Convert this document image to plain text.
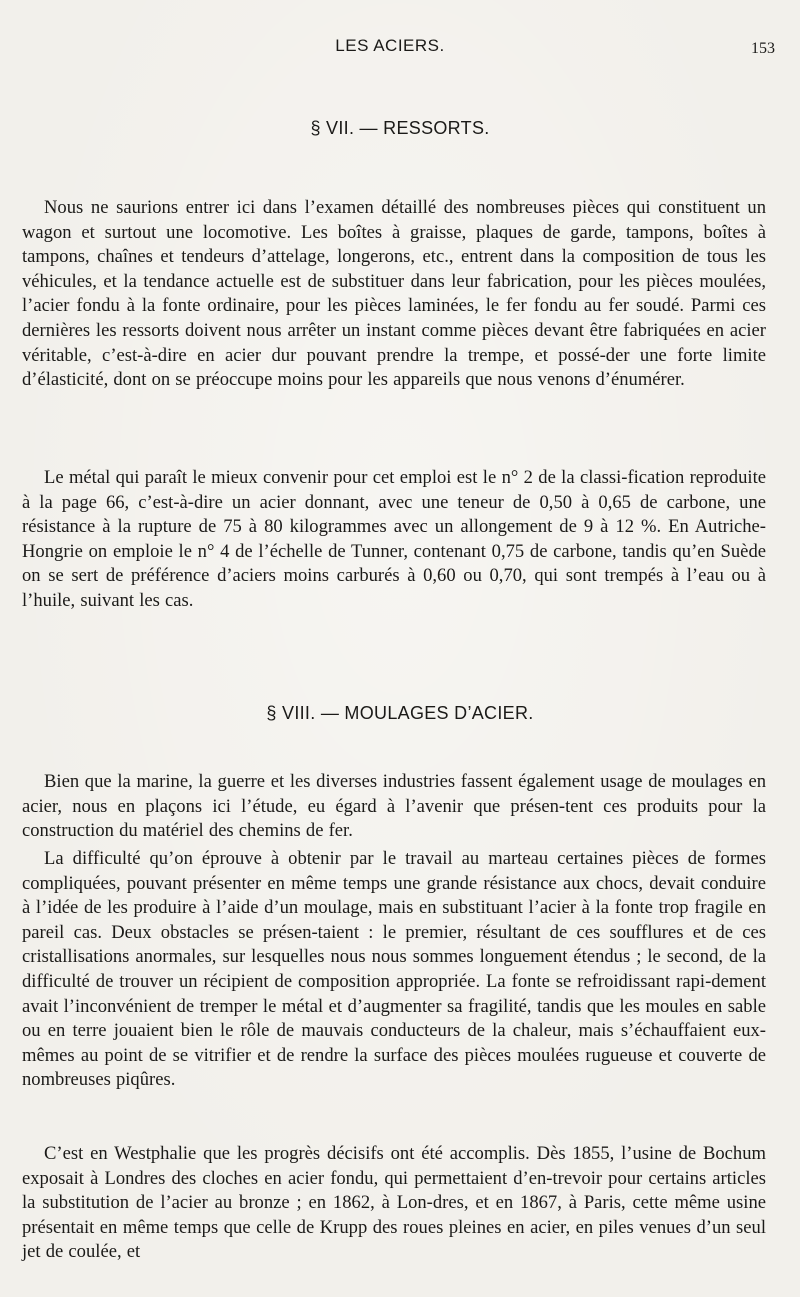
LES ACIERS.	153
§ VII. — RESSORTS.

Nous ne saurions entrer ici dans l’examen détaillé des nombreuses pièces qui constituent un wagon et surtout une locomotive. Les boîtes à graisse, plaques de garde, tampons, boîtes à tampons, chaînes et tendeurs d’attelage, longerons, etc., entrent dans la composition de tous les véhicules, et la tendance actuelle est de substituer dans leur fabrication, pour les pièces moulées, l’acier fondu à la fonte ordinaire, pour les pièces laminées, le fer fondu au fer soudé. Parmi ces dernières les ressorts doivent nous arrêter un instant comme pièces devant être fabriquées en acier véritable, c’est-à-dire en acier dur pouvant prendre la trempe, et possé-der une forte limite d’élasticité, dont on se préoccupe moins pour les appareils que nous venons d’énumérer.

Le métal qui paraît le mieux convenir pour cet emploi est le n° 2 de la classi-fication reproduite à la page 66, c’est-à-dire un acier donnant, avec une teneur de 0,50 à 0,65 de carbone, une résistance à la rupture de 75 à 80 kilogrammes avec un allongement de 9 à 12 %. En Autriche-Hongrie on emploie le n° 4 de l’échelle de Tunner, contenant 0,75 de carbone, tandis qu’en Suède on se sert de préférence d’aciers moins carburés à 0,60 ou 0,70, qui sont trempés à l’eau ou à l’huile, suivant les cas.

§ VIII. — MOULAGES D’ACIER.

Bien que la marine, la guerre et les diverses industries fassent également usage de moulages en acier, nous en plaçons ici l’étude, eu égard à l’avenir que présen-tent ces produits pour la construction du matériel des chemins de fer.

La difficulté qu’on éprouve à obtenir par le travail au marteau certaines pièces de formes compliquées, pouvant présenter en même temps une grande résistance aux chocs, devait conduire à l’idée de les produire à l’aide d’un moulage, mais en substituant l’acier à la fonte trop fragile en pareil cas. Deux obstacles se présen-taient : le premier, résultant de ces soufflures et de ces cristallisations anormales, sur lesquelles nous nous sommes longuement étendus ; le second, de la difficulté de trouver un récipient de composition appropriée. La fonte se refroidissant rapi-dement avait l’inconvénient de tremper le métal et d’augmenter sa fragilité, tandis que les moules en sable ou en terre jouaient bien le rôle de mauvais conducteurs de la chaleur, mais s’échauffaient eux-mêmes au point de se vitrifier et de rendre la surface des pièces moulées rugueuse et couverte de nombreuses piqûres.

C’est en Westphalie que les progrès décisifs ont été accomplis. Dès 1855, l’usine de Bochum exposait à Londres des cloches en acier fondu, qui permettaient d’en-trevoir pour certains articles la substitution de l’acier au bronze ; en 1862, à Lon-dres, et en 1867, à Paris, cette même usine présentait en même temps que celle de Krupp des roues pleines en acier, en piles venues d’un seul jet de coulée, et
